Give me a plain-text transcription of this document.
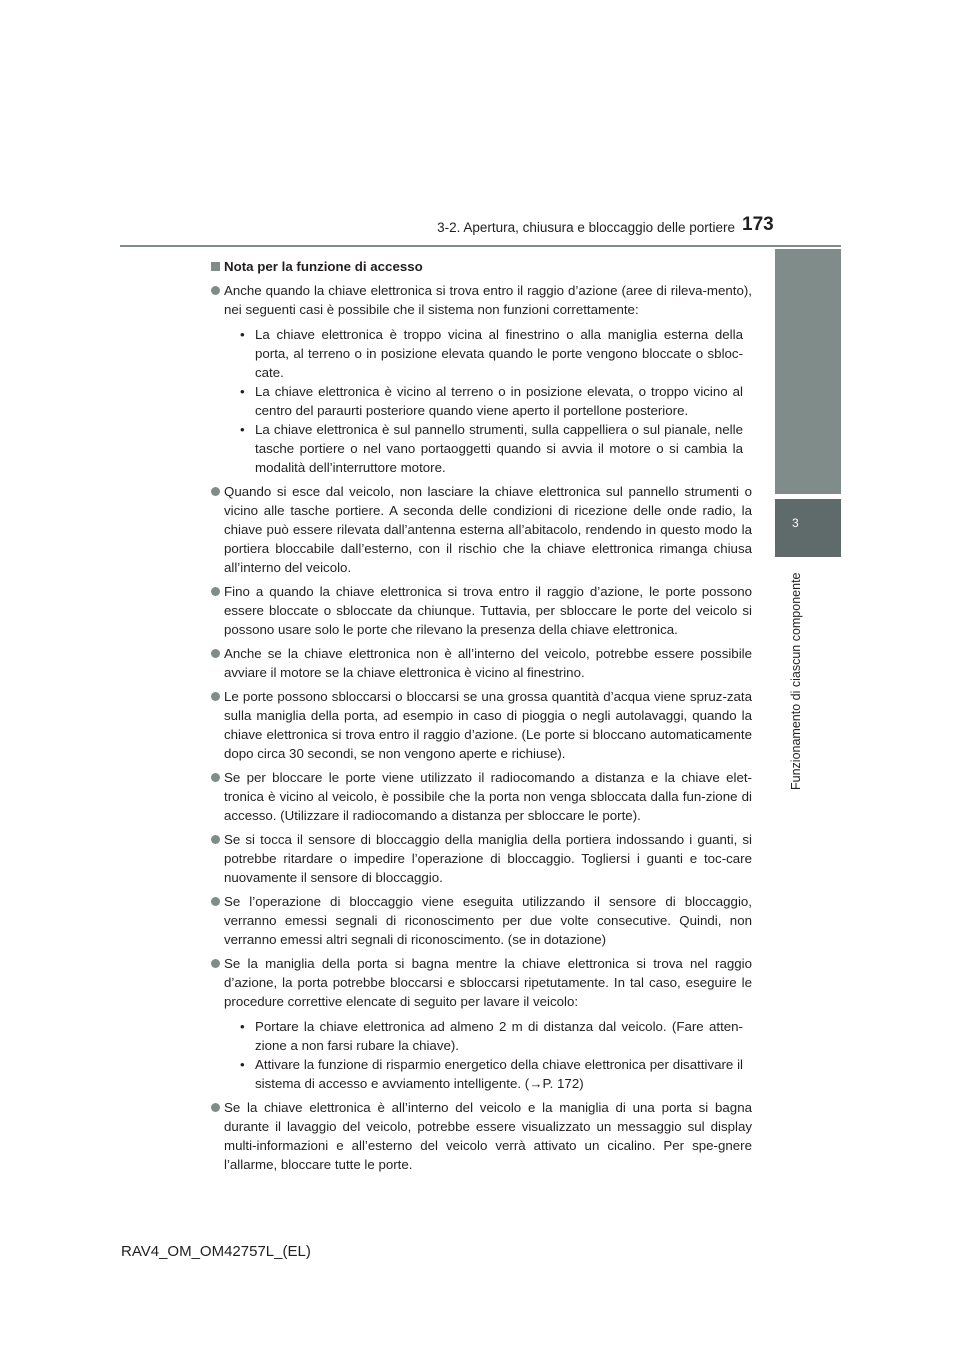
3-2. Apertura, chiusura e bloccaggio delle portiere 173
3
Funzionamento di ciascun componente
Nota per la funzione di accesso
Anche quando la chiave elettronica si trova entro il raggio d’azione (aree di rileva-mento), nei seguenti casi è possibile che il sistema non funzioni correttamente:
• La chiave elettronica è troppo vicina al finestrino o alla maniglia esterna della porta, al terreno o in posizione elevata quando le porte vengono bloccate o sbloc-cate.
• La chiave elettronica è vicino al terreno o in posizione elevata, o troppo vicino al centro del paraurti posteriore quando viene aperto il portellone posteriore.
• La chiave elettronica è sul pannello strumenti, sulla cappelliera o sul pianale, nelle tasche portiere o nel vano portaoggetti quando si avvia il motore o si cambia la modalità dell’interruttore motore.
Quando si esce dal veicolo, non lasciare la chiave elettronica sul pannello strumenti o vicino alle tasche portiere. A seconda delle condizioni di ricezione delle onde radio, la chiave può essere rilevata dall’antenna esterna all’abitacolo, rendendo in questo modo la portiera bloccabile dall’esterno, con il rischio che la chiave elettronica rimanga chiusa all’interno del veicolo.
Fino a quando la chiave elettronica si trova entro il raggio d’azione, le porte possono essere bloccate o sbloccate da chiunque. Tuttavia, per sbloccare le porte del veicolo si possono usare solo le porte che rilevano la presenza della chiave elettronica.
Anche se la chiave elettronica non è all’interno del veicolo, potrebbe essere possibile avviare il motore se la chiave elettronica è vicino al finestrino.
Le porte possono sbloccarsi o bloccarsi se una grossa quantità d’acqua viene spruz-zata sulla maniglia della porta, ad esempio in caso di pioggia o negli autolavaggi, quando la chiave elettronica si trova entro il raggio d’azione. (Le porte si bloccano automaticamente dopo circa 30 secondi, se non vengono aperte e richiuse).
Se per bloccare le porte viene utilizzato il radiocomando a distanza e la chiave elet-tronica è vicino al veicolo, è possibile che la porta non venga sbloccata dalla fun-zione di accesso. (Utilizzare il radiocomando a distanza per sbloccare le porte).
Se si tocca il sensore di bloccaggio della maniglia della portiera indossando i guanti, si potrebbe ritardare o impedire l’operazione di bloccaggio. Togliersi i guanti e toc-care nuovamente il sensore di bloccaggio.
Se l’operazione di bloccaggio viene eseguita utilizzando il sensore di bloccaggio, verranno emessi segnali di riconoscimento per due volte consecutive. Quindi, non verranno emessi altri segnali di riconoscimento. (se in dotazione)
Se la maniglia della porta si bagna mentre la chiave elettronica si trova nel raggio d’azione, la porta potrebbe bloccarsi e sbloccarsi ripetutamente. In tal caso, eseguire le procedure correttive elencate di seguito per lavare il veicolo:
• Portare la chiave elettronica ad almeno 2 m di distanza dal veicolo. (Fare atten-zione a non farsi rubare la chiave).
• Attivare la funzione di risparmio energetico della chiave elettronica per disattivare il sistema di accesso e avviamento intelligente. (→P. 172)
Se la chiave elettronica è all’interno del veicolo e la maniglia di una porta si bagna durante il lavaggio del veicolo, potrebbe essere visualizzato un messaggio sul display multi-informazioni e all’esterno del veicolo verrà attivato un cicalino. Per spe-gnere l’allarme, bloccare tutte le porte.
RAV4_OM_OM42757L_(EL)
